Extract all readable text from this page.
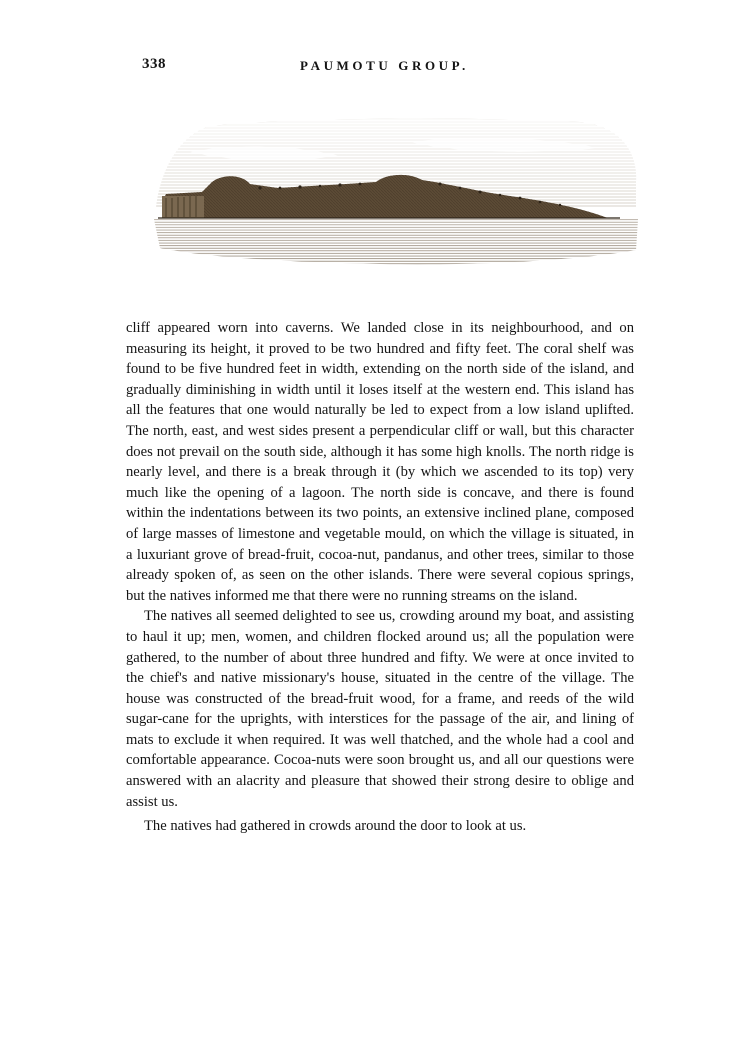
338	PAUMOTU GROUP.

cliff appeared worn into caverns. We landed close in its neighbourhood, and on measuring its height, it proved to be two hundred and fifty feet. The coral shelf was found to be five hundred feet in width, extending on the north side of the island, and gradually diminishing in width until it loses itself at the western end. This island has all the features that one would naturally be led to expect from a low island uplifted. The north, east, and west sides present a perpendicular cliff or wall, but this character does not prevail on the south side, although it has some high knolls. The north ridge is nearly level, and there is a break through it (by which we ascended to its top) very much like the opening of a lagoon. The north side is concave, and there is found within the indentations between its two points, an extensive inclined plane, composed of large masses of limestone and vegetable mould, on which the village is situated, in a luxuriant grove of bread-fruit, cocoa-nut, pandanus, and other trees, similar to those already spoken of, as seen on the other islands. There were several copious springs, but the natives informed me that there were no running streams on the island.

The natives all seemed delighted to see us, crowding around my boat, and assisting to haul it up; men, women, and children flocked around us; all the population were gathered, to the number of about three hundred and fifty. We were at once invited to the chief's and native missionary's house, situated in the centre of the village. The house was constructed of the bread-fruit wood, for a frame, and reeds of the wild sugar-cane for the uprights, with interstices for the passage of the air, and lining of mats to exclude it when required. It was well thatched, and the whole had a cool and comfortable appearance. Cocoa-nuts were soon brought us, and all our questions were answered with an alacrity and pleasure that showed their strong desire to oblige and assist us.

The natives had gathered in crowds around the door to look at us.
